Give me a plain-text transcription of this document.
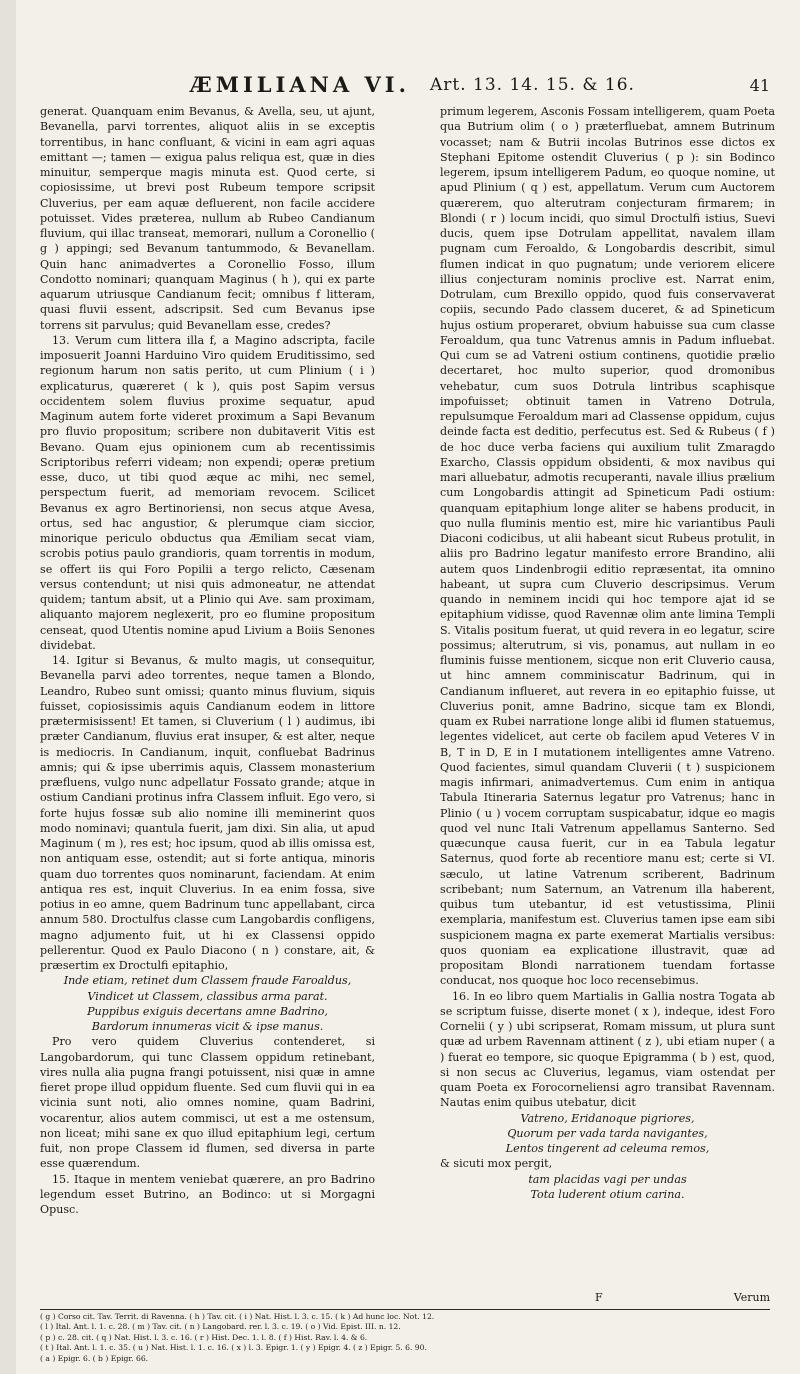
ÆMILIANA VI. Art. 13. 14. 15. & 16.	41

generat. Quanquam enim Bevanus, & Avella, seu, ut ajunt, Bevanella, parvi torrentes, aliquot aliis in se exceptis torrentibus, in hanc confluant, & vicini in eam agri aquas emittant —; tamen — exigua palus reliqua est, quæ in dies minuitur, semperque magis minuta est. Quod certe, si copiosissime, ut brevi post Rubeum tempore scripsit Cluverius, per eam aquæ defluerent, non facile accidere potuisset. Vides præterea, nullum ab Rubeo Candianum fluvium, qui illac transeat, memorari, nullum a Coronellio ( g ) appingi; sed Bevanum tantummodo, & Bevanellam. Quin hanc animadvertes a Coronellio Fosso, illum Condotto nominari; quanquam Maginus ( h ), qui ex parte aquarum utriusque Candianum fecit; omnibus f litteram, quasi fluvii essent, adscripsit. Sed cum Bevanus ipse torrens sit parvulus; quid Bevanellam esse, credes?

13. Verum cum littera illa f, a Magino adscripta, facile imposuerit Joanni Harduino Viro quidem Eruditissimo, sed regionum harum non satis perito, ut cum Plinium ( i ) explicaturus, quæreret ( k ), quis post Sapim versus occidentem solem fluvius proxime sequatur, apud Maginum autem forte videret proximum a Sapi Bevanum pro fluvio propositum; scribere non dubitaverit Vitis est Bevano. Quam ejus opinionem cum ab recentissimis Scriptoribus referri videam; non expendi; operæ pretium esse, duco, ut tibi quod æque ac mihi, nec semel, perspectum fuerit, ad memoriam revocem. Scilicet Bevanus ex agro Bertinoriensi, non secus atque Avesa, ortus, sed hac angustior, & plerumque ciam siccior, minorique periculo obductus qua Æmiliam secat viam, scrobis potius paulo grandioris, quam torrentis in modum, se offert iis qui Foro Popilii a tergo relicto, Cæsenam versus contendunt; ut nisi quis admoneatur, ne attendat quidem; tantum absit, ut a Plinio qui Ave. sam proximam, aliquanto majorem neglexerit, pro eo flumine propositum censeat, quod Utentis nomine apud Livium a Boiis Senones dividebat.

14. Igitur si Bevanus, & multo magis, ut consequitur, Bevanella parvi adeo torrentes, neque tamen a Blondo, Leandro, Rubeo sunt omissi; quanto minus fluvium, siquis fuisset, copiosissimis aquis Candianum eodem in littore prætermisissent! Et tamen, si Cluverium ( l ) audimus, ibi præter Candianum, fluvius erat insuper, & est alter, neque is mediocris. In Candianum, inquit, confluebat Badrinus amnis; qui & ipse uberrimis aquis, Classem monasterium præfluens, vulgo nunc adpellatur Fossato grande; atque in ostium Candiani protinus infra Classem influit. Ego vero, si forte hujus fossæ sub alio nomine illi meminerint quos modo nominavi; quantula fuerit, jam dixi. Sin alia, ut apud Maginum ( m ), res est; hoc ipsum, quod ab illis omissa est, non antiquam esse, ostendit; aut si forte antiqua, minoris quam duo torrentes quos nominarunt, faciendam. At enim antiqua res est, inquit Cluverius. In ea enim fossa, sive potius in eo amne, quem Badrinum tunc appellabant, circa annum 580. Droctulfus classe cum Langobardis confligens, magno adjumento fuit, ut hi ex Classensi oppido pellerentur. Quod ex Paulo Diacono ( n ) constare, ait, & præsertim ex Droctulfi epitaphio,

Inde etiam, retinet dum Classem fraude Faroaldus,

Vindicet ut Classem, classibus arma parat.

Puppibus exiguis decertans amne Badrino,

Bardorum innumeras vicit & ipse manus.

Pro vero quidem Cluverius contenderet, si Langobardorum, qui tunc Classem oppidum retinebant, vires nulla alia pugna frangi potuissent, nisi quæ in amne fieret prope illud oppidum fluente. Sed cum fluvii qui in ea vicinia sunt noti, alio omnes nomine, quam Badrini, vocarentur, alios autem commisci, ut est a me ostensum, non liceat; mihi sane ex quo illud epitaphium legi, certum fuit, non prope Classem id flumen, sed diversa in parte esse quærendum.

15. Itaque in mentem veniebat quærere, an pro Badrino legendum esset Butrino, an Bodinco: ut si Morgagni Opusc.

primum legerem, Asconis Fossam intelligerem, quam Poeta qua Butrium olim ( o ) præterfluebat, amnem Butrinum vocasset; nam & Butrii incolas Butrinos esse dictos ex Stephani Epitome ostendit Cluverius ( p ): sin Bodinco legerem, ipsum intelligerem Padum, eo quoque nomine, ut apud Plinium ( q ) est, appellatum. Verum cum Auctorem quærerem, quo alterutram conjecturam firmarem; in Blondi ( r ) locum incidi, quo simul Droctulfi istius, Suevi ducis, quem ipse Dotrulam appellitat, navalem illam pugnam cum Feroaldo, & Longobardis describit, simul flumen indicat in quo pugnatum; unde veriorem elicere illius conjecturam nominis proclive est. Narrat enim, Dotrulam, cum Brexillo oppido, quod fuis conservaverat copiis, secundo Pado classem duceret, & ad Spineticum hujus ostium properaret, obvium habuisse sua cum classe Feroaldum, qua tunc Vatrenus amnis in Padum influebat. Qui cum se ad Vatreni ostium continens, quotidie prælio decertaret, hoc multo superior, quod dromonibus vehebatur, cum suos Dotrula lintribus scaphisque impofuisset; obtinuit tamen in Vatreno Dotrula, repulsumque Feroaldum mari ad Classense oppidum, cujus deinde facta est deditio, perfecutus est. Sed & Rubeus ( f ) de hoc duce verba faciens qui auxilium tulit Zmaragdo Exarcho, Classis oppidum obsidenti, & mox navibus qui mari alluebatur, admotis recuperanti, navale illius prælium cum Longobardis attingit ad Spineticum Padi ostium: quanquam epitaphium longe aliter se habens producit, in quo nulla fluminis mentio est, mire hic variantibus Pauli Diaconi codicibus, ut alii habeant sicut Rubeus protulit, in aliis pro Badrino legatur manifesto errore Brandino, alii autem quos Lindenbrogii editio repræsentat, ita omnino habeant, ut supra cum Cluverio descripsimus. Verum quando in neminem incidi qui hoc tempore ajat id se epitaphium vidisse, quod Ravennæ olim ante limina Templi S. Vitalis positum fuerat, ut quid revera in eo legatur, scire possimus; alterutrum, si vis, ponamus, aut nullam in eo fluminis fuisse mentionem, sicque non erit Cluverio causa, ut hinc amnem comminiscatur Badrinum, qui in Candianum influeret, aut revera in eo epitaphio fuisse, ut Cluverius ponit, amne Badrino, sicque tam ex Blondi, quam ex Rubei narratione longe alibi id flumen statuemus, legentes videlicet, aut certe ob facilem apud Veteres V in B, T in D, E in I mutationem intelligentes amne Vatreno. Quod facientes, simul quandam Cluverii ( t ) suspicionem magis infirmari, animadvertemus. Cum enim in antiqua Tabula Itineraria Saternus legatur pro Vatrenus; hanc in Plinio ( u ) vocem corruptam suspicabatur, idque eo magis quod vel nunc Itali Vatrenum appellamus Santerno. Sed quæcunque causa fuerit, cur in ea Tabula legatur Saternus, quod forte ab recentiore manu est; certe si VI. sæculo, ut latine Vatrenum scriberent, Badrinum scribebant; num Saternum, an Vatrenum illa haberent, quibus tum utebantur, id est vetustissima, Plinii exemplaria, manifestum est. Cluverius tamen ipse eam sibi suspicionem magna ex parte exemerat Martialis versibus: quos quoniam ea explicatione illustravit, quæ ad propositam Blondi narrationem tuendam fortasse conducat, nos quoque hoc loco recensebimus.

16. In eo libro quem Martialis in Gallia nostra Togata ab se scriptum fuisse, diserte monet ( x ), indeque, idest Foro Cornelii ( y ) ubi scripserat, Romam missum, ut plura sunt quæ ad urbem Ravennam attinent ( z ), ubi etiam nuper ( a ) fuerat eo tempore, sic quoque Epigramma ( b ) est, quod, si non secus ac Cluverius, legamus, viam ostendat per quam Poeta ex Forocorneliensi agro transibat Ravennam. Nautas enim quibus utebatur, dicit

Vatreno, Eridanoque pigriores,

Quorum per vada tarda navigantes,

Lentos tingerent ad celeuma remos,

& sicuti mox pergit,

tam placidas vagi per undas

Tota luderent otium carina.

F	Verum
( g ) Corso cit. Tav. Territ. di Ravenna. ( h ) Tav. cit. ( i ) Nat. Hist. l. 3. c. 15. ( k ) Ad hunc loc. Not. 12.
( l ) Ital. Ant. l. 1. c. 28. ( m ) Tav. cit. ( n ) Langobard. rer. l. 3. c. 19. ( o ) Vid. Epist. III. n. 12.
( p ) c. 28. cit. ( q ) Nat. Hist. l. 3. c. 16. ( r ) Hist. Dec. 1. l. 8. ( f ) Hist. Rav. l. 4. & 6.
( t ) Ital. Ant. l. 1. c. 35. ( u ) Nat. Hist. l. 1. c. 16. ( x ) l. 3. Epigr. 1. ( y ) Epigr. 4. ( z ) Epigr. 5. 6. 90.
( a ) Epigr. 6. ( b ) Epigr. 66.
